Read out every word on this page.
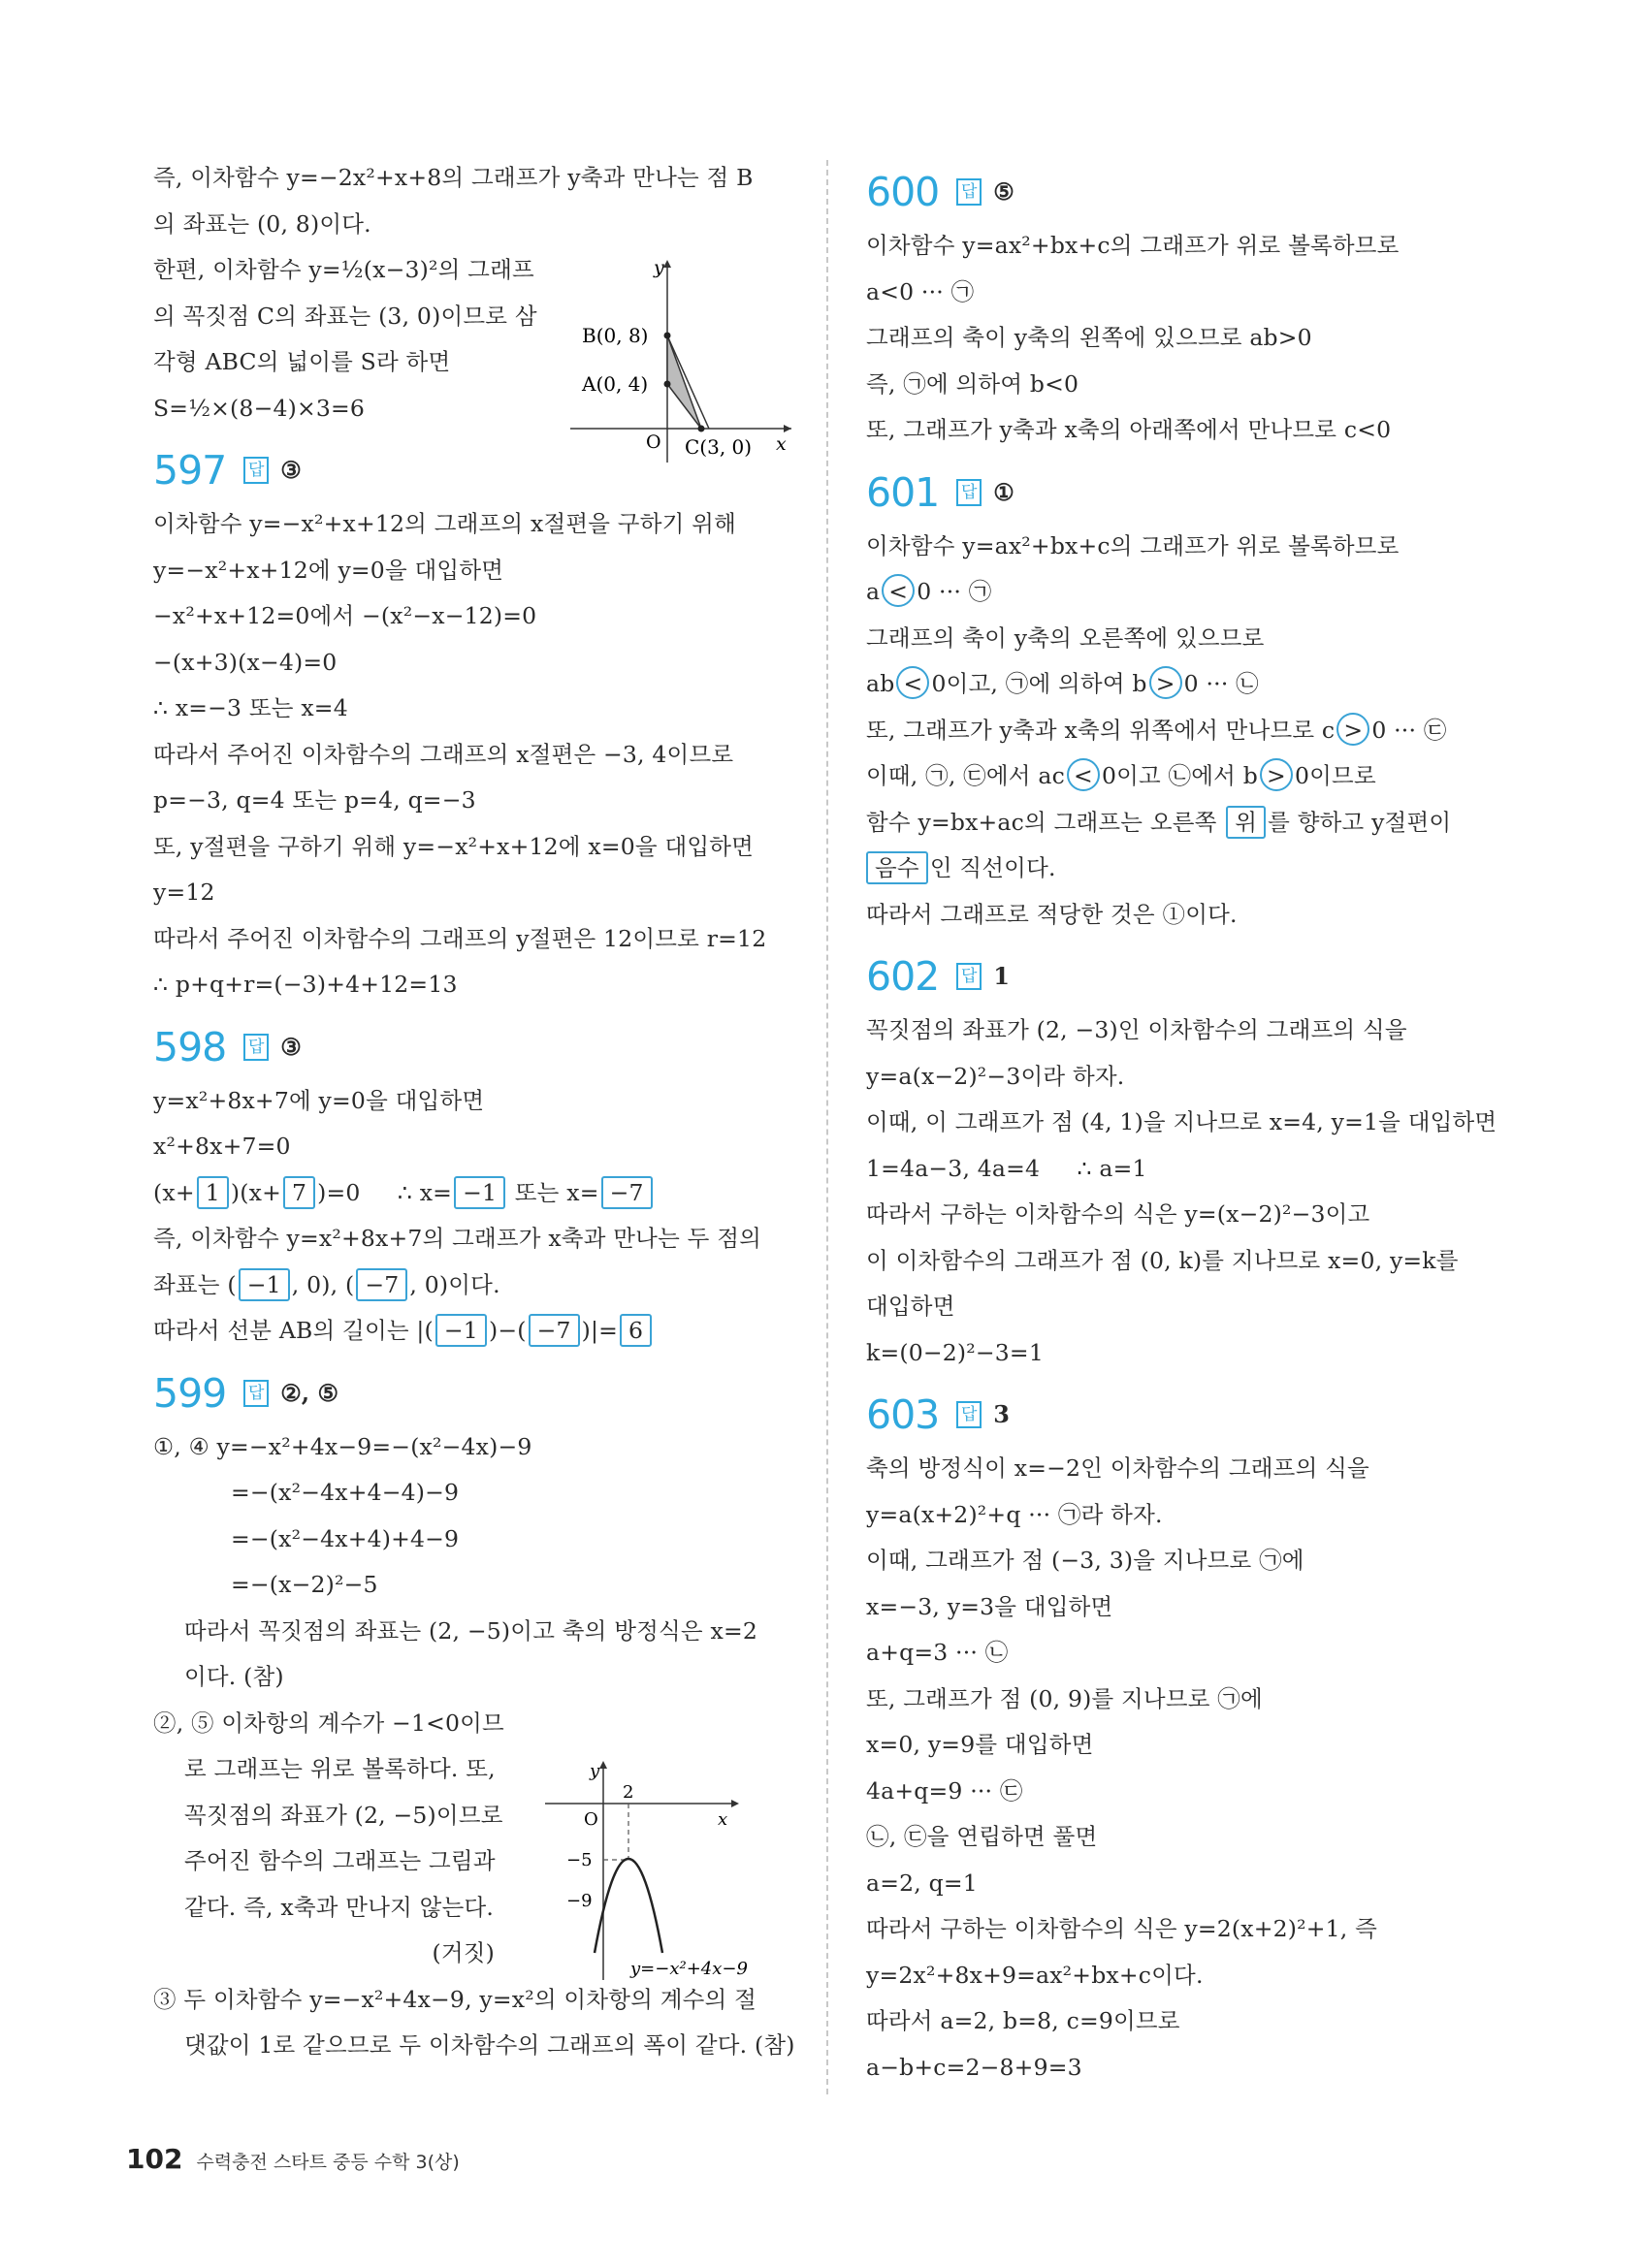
즉, 이차함수 y=−2x²+x+8의 그래프가 y축과 만나는 점 B
의 좌표는 (0, 8)이다.
한편, 이차함수 y=½(x−3)²의 그래프
의 꼭짓점 C의 좌표는 (3, 0)이므로 삼
각형 ABC의 넓이를 S라 하면
S=½×(8−4)×3=6
597 답 ③
이차함수 y=−x²+x+12의 그래프의 x절편을 구하기 위해
y=−x²+x+12에 y=0을 대입하면
−x²+x+12=0에서 −(x²−x−12)=0
−(x+3)(x−4)=0
∴ x=−3 또는 x=4
따라서 주어진 이차함수의 그래프의 x절편은 −3, 4이므로
p=−3, q=4 또는 p=4, q=−3
또, y절편을 구하기 위해 y=−x²+x+12에 x=0을 대입하면
y=12
따라서 주어진 이차함수의 그래프의 y절편은 12이므로 r=12
∴ p+q+r=(−3)+4+12=13
598 답 ③
y=x²+8x+7에 y=0을 대입하면
x²+8x+7=0
(x+ 1 )(x+ 7 )=0     ∴ x= −1 또는 x= −7
즉, 이차함수 y=x²+8x+7의 그래프가 x축과 만나는 두 점의
좌표는 ( −1 , 0), ( −7 , 0)이다.
따라서 선분 AB의 길이는 |( −1 )−( −7 )|= 6
599 답 ②, ⑤
①, ④ y=−x²+4x−9=−(x²−4x)−9
=−(x²−4x+4−4)−9
=−(x²−4x+4)+4−9
=−(x−2)²−5
따라서 꼭짓점의 좌표는 (2, −5)이고 축의 방정식은 x=2
이다. (참)
②, ⑤ 이차항의 계수가 −1<0이므
로 그래프는 위로 볼록하다. 또,
꼭짓점의 좌표가 (2, −5)이므로
주어진 함수의 그래프는 그림과
같다. 즉, x축과 만나지 않는다.
(거짓)
③ 두 이차함수 y=−x²+4x−9, y=x²의 이차항의 계수의 절
댓값이 1로 같으므로 두 이차함수의 그래프의 폭이 같다. (참)
y
x
O
B(0, 8)
A(0, 4)
C(3, 0)
y
x
O
2
−5
−9
y=−x²+4x−9
600 답 ⑤
이차함수 y=ax²+bx+c의 그래프가 위로 볼록하므로
a<0 ··· ㉠
그래프의 축이 y축의 왼쪽에 있으므로 ab>0
즉, ㉠에 의하여 b<0
또, 그래프가 y축과 x축의 아래쪽에서 만나므로 c<0
601 답 ①
이차함수 y=ax²+bx+c의 그래프가 위로 볼록하므로
a < 0 ··· ㉠
그래프의 축이 y축의 오른쪽에 있으므로
ab < 0이고, ㉠에 의하여 b > 0 ··· ㉡
또, 그래프가 y축과 x축의 위쪽에서 만나므로 c > 0 ··· ㉢
이때, ㉠, ㉢에서 ac < 0이고 ㉡에서 b > 0이므로
함수 y=bx+ac의 그래프는 오른쪽 위 를 향하고 y절편이
음수 인 직선이다.
따라서 그래프로 적당한 것은 ①이다.
602 답 1
꼭짓점의 좌표가 (2, −3)인 이차함수의 그래프의 식을
y=a(x−2)²−3이라 하자.
이때, 이 그래프가 점 (4, 1)을 지나므로 x=4, y=1을 대입하면
1=4a−3, 4a=4     ∴ a=1
따라서 구하는 이차함수의 식은 y=(x−2)²−3이고
이 이차함수의 그래프가 점 (0, k)를 지나므로 x=0, y=k를
대입하면
k=(0−2)²−3=1
603 답 3
축의 방정식이 x=−2인 이차함수의 그래프의 식을
y=a(x+2)²+q ··· ㉠라 하자.
이때, 그래프가 점 (−3, 3)을 지나므로 ㉠에
x=−3, y=3을 대입하면
a+q=3 ··· ㉡
또, 그래프가 점 (0, 9)를 지나므로 ㉠에
x=0, y=9를 대입하면
4a+q=9 ··· ㉢
㉡, ㉢을 연립하면 풀면
a=2, q=1
따라서 구하는 이차함수의 식은 y=2(x+2)²+1, 즉
y=2x²+8x+9=ax²+bx+c이다.
따라서 a=2, b=8, c=9이므로
a−b+c=2−8+9=3
102 수력충전 스타트 중등 수학 3(상)
